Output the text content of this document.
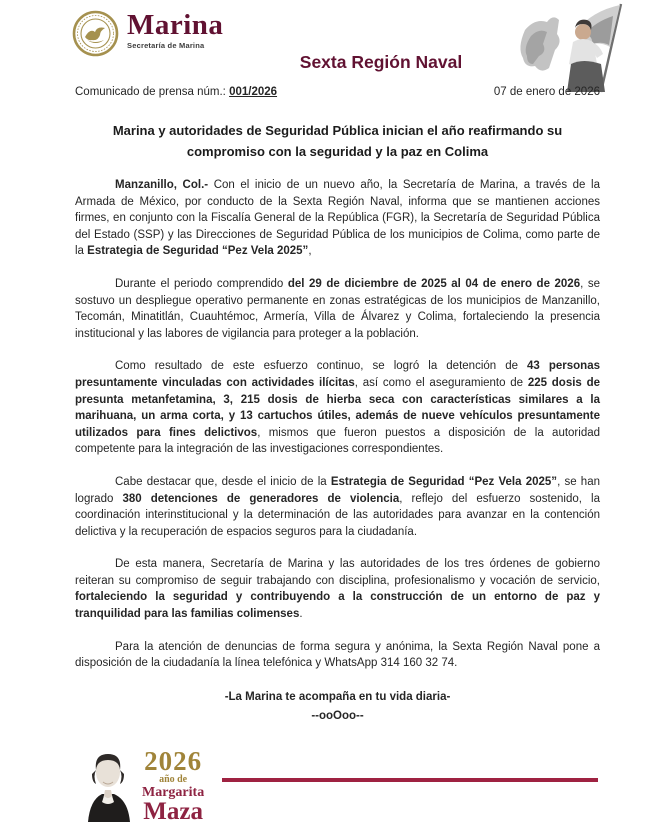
Marina
Secretaría de Marina
Sexta Región Naval
Comunicado de prensa núm.: 001/2026	07 de enero de 2026
Marina y autoridades de Seguridad Pública inician el año reafirmando su compromiso con la seguridad y la paz en Colima

Manzanillo, Col.- Con el inicio de un nuevo año, la Secretaría de Marina, a través de la Armada de México, por conducto de la Sexta Región Naval, informa que se mantienen acciones firmes, en conjunto con la Fiscalía General de la República (FGR), la Secretaría de Seguridad Pública del Estado (SSP) y las Direcciones de Seguridad Pública de los municipios de Colima, como parte de la Estrategia de Seguridad “Pez Vela 2025”,

Durante el periodo comprendido del 29 de diciembre de 2025 al 04 de enero de 2026, se sostuvo un despliegue operativo permanente en zonas estratégicas de los municipios de Manzanillo, Tecomán, Minatitlán, Cuauhtémoc, Armería, Villa de Álvarez y Colima, fortaleciendo la presencia institucional y las labores de vigilancia para proteger a la población.

Como resultado de este esfuerzo continuo, se logró la detención de 43 personas presuntamente vinculadas con actividades ilícitas, así como el aseguramiento de 225 dosis de presunta metanfetamina, 3, 215 dosis de hierba seca con características similares a la marihuana, un arma corta, y 13 cartuchos útiles, además de nueve vehículos presuntamente utilizados para fines delictivos, mismos que fueron puestos a disposición de la autoridad competente para la integración de las investigaciones correspondientes.

Cabe destacar que, desde el inicio de la Estrategia de Seguridad “Pez Vela 2025”, se han logrado 380 detenciones de generadores de violencia, reflejo del esfuerzo sostenido, la coordinación interinstitucional y la determinación de las autoridades para avanzar en la contención delictiva y la recuperación de espacios seguros para la ciudadanía.

De esta manera, Secretaría de Marina y las autoridades de los tres órdenes de gobierno reiteran su compromiso de seguir trabajando con disciplina, profesionalismo y vocación de servicio, fortaleciendo la seguridad y contribuyendo a la construcción de un entorno de paz y tranquilidad para las familias colimenses.

Para la atención de denuncias de forma segura y anónima, la Sexta Región Naval pone a disposición de la ciudadanía la línea telefónica y WhatsApp 314 160 32 74.

-La Marina te acompaña en tu vida diaria-
--ooOoo--
2026
año de
Margarita
Maza
